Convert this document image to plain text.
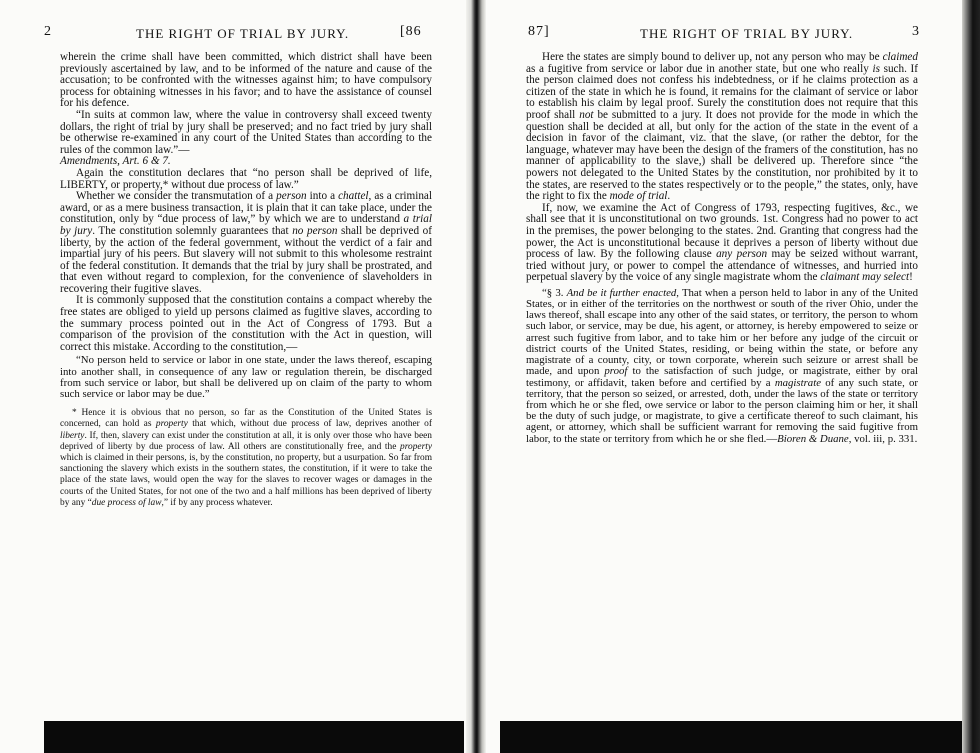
2	THE RIGHT OF TRIAL BY JURY.	[86

wherein the crime shall have been committed, which district shall have been previously ascertained by law, and to be informed of the nature and cause of the accusation; to be confronted with the witnesses against him; to have compulsory process for obtaining witnesses in his favor; and to have the assistance of counsel for his defence.

“In suits at common law, where the value in controversy shall exceed twenty dollars, the right of trial by jury shall be preserved; and no fact tried by jury shall be otherwise re-examined in any court of the United States than according to the rules of the common law.”—
Amendments, Art. 6 & 7.

Again the constitution declares that “no person shall be deprived of life, LIBERTY, or property,* without due process of law.”

Whether we consider the transmutation of a person into a chattel, as a criminal award, or as a mere business transaction, it is plain that it can take place, under the constitution, only by “due process of law,” by which we are to understand a trial by jury. The constitution solemnly guarantees that no person shall be deprived of liberty, by the action of the federal government, without the verdict of a fair and impartial jury of his peers. But slavery will not submit to this wholesome restraint of the federal constitution. It demands that the trial by jury shall be prostrated, and that even without regard to complexion, for the convenience of slaveholders in recovering their fugitive slaves.

It is commonly supposed that the constitution contains a compact whereby the free states are obliged to yield up persons claimed as fugitive slaves, according to the summary process pointed out in the Act of Congress of 1793. But a comparison of the provision of the constitution with the Act in question, will correct this mistake. According to the constitution,—

“No person held to service or labor in one state, under the laws thereof, escaping into another shall, in consequence of any law or regulation therein, be discharged from such service or labor, but shall be delivered up on claim of the party to whom such service or labor may be due.”

* Hence it is obvious that no person, so far as the Constitution of the United States is concerned, can hold as property that which, without due process of law, deprives another of liberty. If, then, slavery can exist under the constitution at all, it is only over those who have been deprived of liberty by due process of law. All others are constitutionally free, and the property which is claimed in their persons, is, by the constitution, no property, but a usurpation. So far from sanctioning the slavery which exists in the southern states, the constitution, if it were to take the place of the state laws, would open the way for the slaves to recover wages or damages in the courts of the United States, for not one of the two and a half millions has been deprived of liberty by any “due process of law,” if by any process whatever.

87]	THE RIGHT OF TRIAL BY JURY.	3

Here the states are simply bound to deliver up, not any person who may be claimed as a fugitive from service or labor due in another state, but one who really is such. If the person claimed does not confess his indebtedness, or if he claims protection as a citizen of the state in which he is found, it remains for the claimant of service or labor to establish his claim by legal proof. Surely the constitution does not require that this proof shall not be submitted to a jury. It does not provide for the mode in which the question shall be decided at all, but only for the action of the state in the event of a decision in favor of the claimant, viz. that the slave, (or rather the debtor, for the language, whatever may have been the design of the framers of the constitution, has no manner of applicability to the slave,) shall be delivered up. Therefore since “the powers not delegated to the United States by the constitution, nor prohibited by it to the states, are reserved to the states respectively or to the people,” the states, only, have the right to fix the mode of trial.

If, now, we examine the Act of Congress of 1793, respecting fugitives, &c., we shall see that it is unconstitutional on two grounds. 1st. Congress had no power to act in the premises, the power belonging to the states. 2nd. Granting that congress had the power, the Act is unconstitutional because it deprives a person of liberty without due process of law. By the following clause any person may be seized without warrant, tried without jury, or power to compel the attendance of witnesses, and hurried into perpetual slavery by the voice of any single magistrate whom the claimant may select!

“§ 3. And be it further enacted, That when a person held to labor in any of the United States, or in either of the territories on the northwest or south of the river Ohio, under the laws thereof, shall escape into any other of the said states, or territory, the person to whom such labor, or service, may be due, his agent, or attorney, is hereby empowered to seize or arrest such fugitive from labor, and to take him or her before any judge of the circuit or district courts of the United States, residing, or being within the state, or before any magistrate of a county, city, or town corporate, wherein such seizure or arrest shall be made, and upon proof to the satisfaction of such judge, or magistrate, either by oral testimony, or affidavit, taken before and certified by a magistrate of any such state, or territory, that the person so seized, or arrested, doth, under the laws of the state or territory from which he or she fled, owe service or labor to the person claiming him or her, it shall be the duty of such judge, or magistrate, to give a certificate thereof to such claimant, his agent, or attorney, which shall be sufficient warrant for removing the said fugitive from labor, to the state or territory from which he or she fled.—Bioren & Duane, vol. iii, p. 331.
